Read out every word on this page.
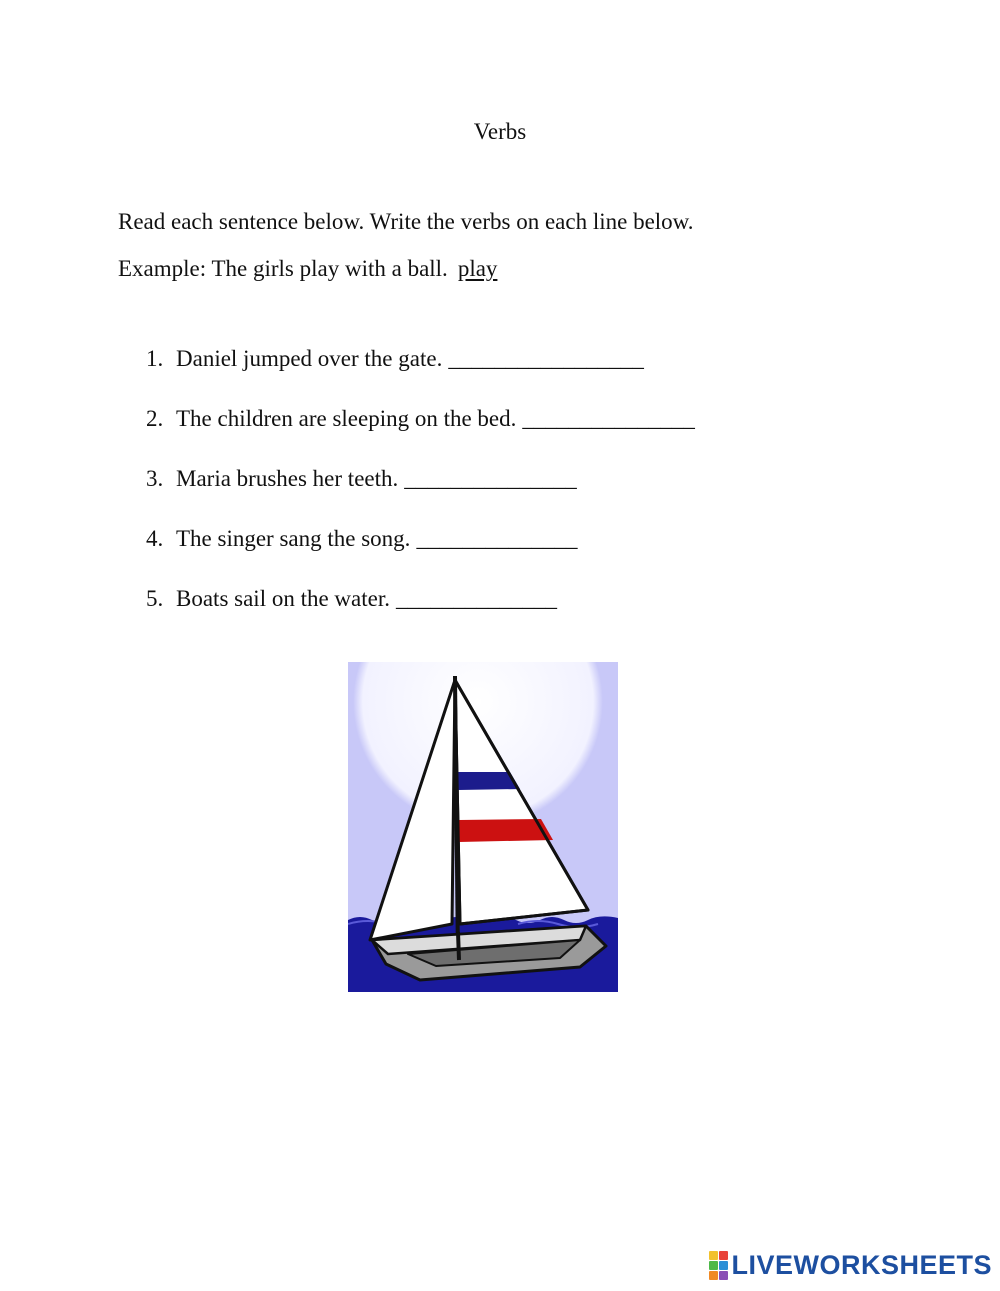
Verbs
Read each sentence below. Write the verbs on each line below.
Example: The girls play with a ball. play
1. Daniel jumped over the gate. _________________
2. The children are sleeping on the bed. _______________
3. Maria brushes her teeth. _______________
4. The singer sang the song. ______________
5. Boats sail on the water. ______________
LIVEWORKSHEETS
